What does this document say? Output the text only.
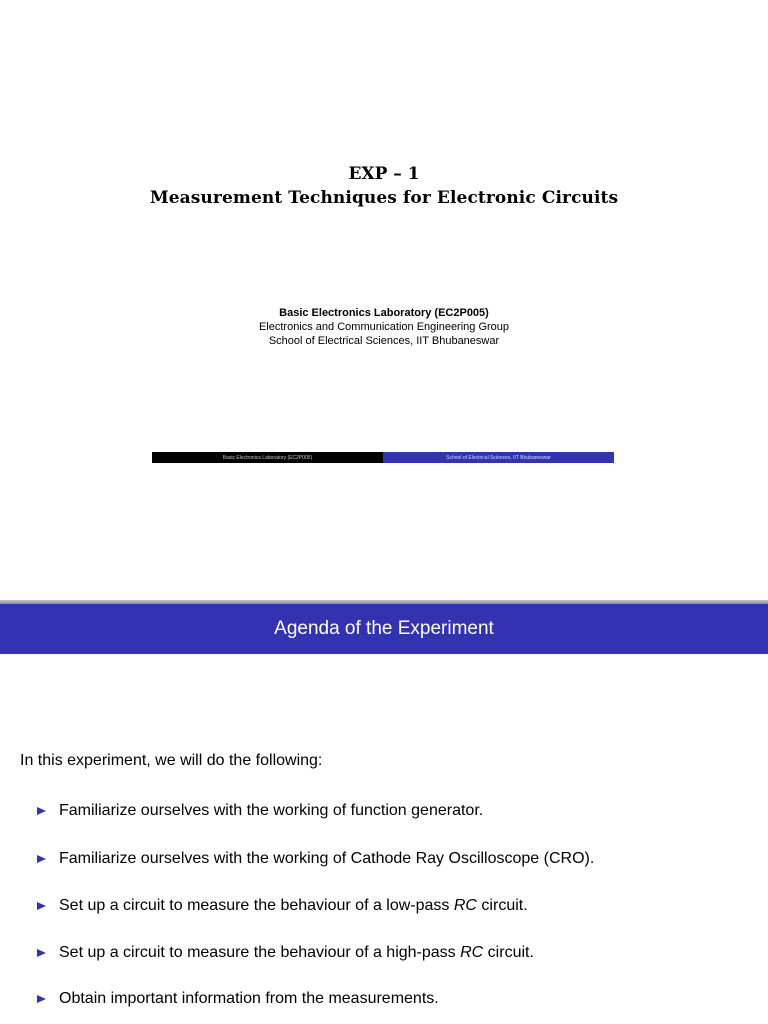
EXP – 1
Measurement Techniques for Electronic Circuits
Basic Electronics Laboratory (EC2P005)
Electronics and Communication Engineering Group
School of Electrical Sciences, IIT Bhubaneswar
Basic Electronics Laboratory (EC2P005)	School of Electrical Sciences, IIT Bhubaneswar
Agenda of the Experiment
In this experiment, we will do the following:
Familiarize ourselves with the working of function generator.
Familiarize ourselves with the working of Cathode Ray Oscilloscope (CRO).
Set up a circuit to measure the behaviour of a low-pass RC circuit.
Set up a circuit to measure the behaviour of a high-pass RC circuit.
Obtain important information from the measurements.
